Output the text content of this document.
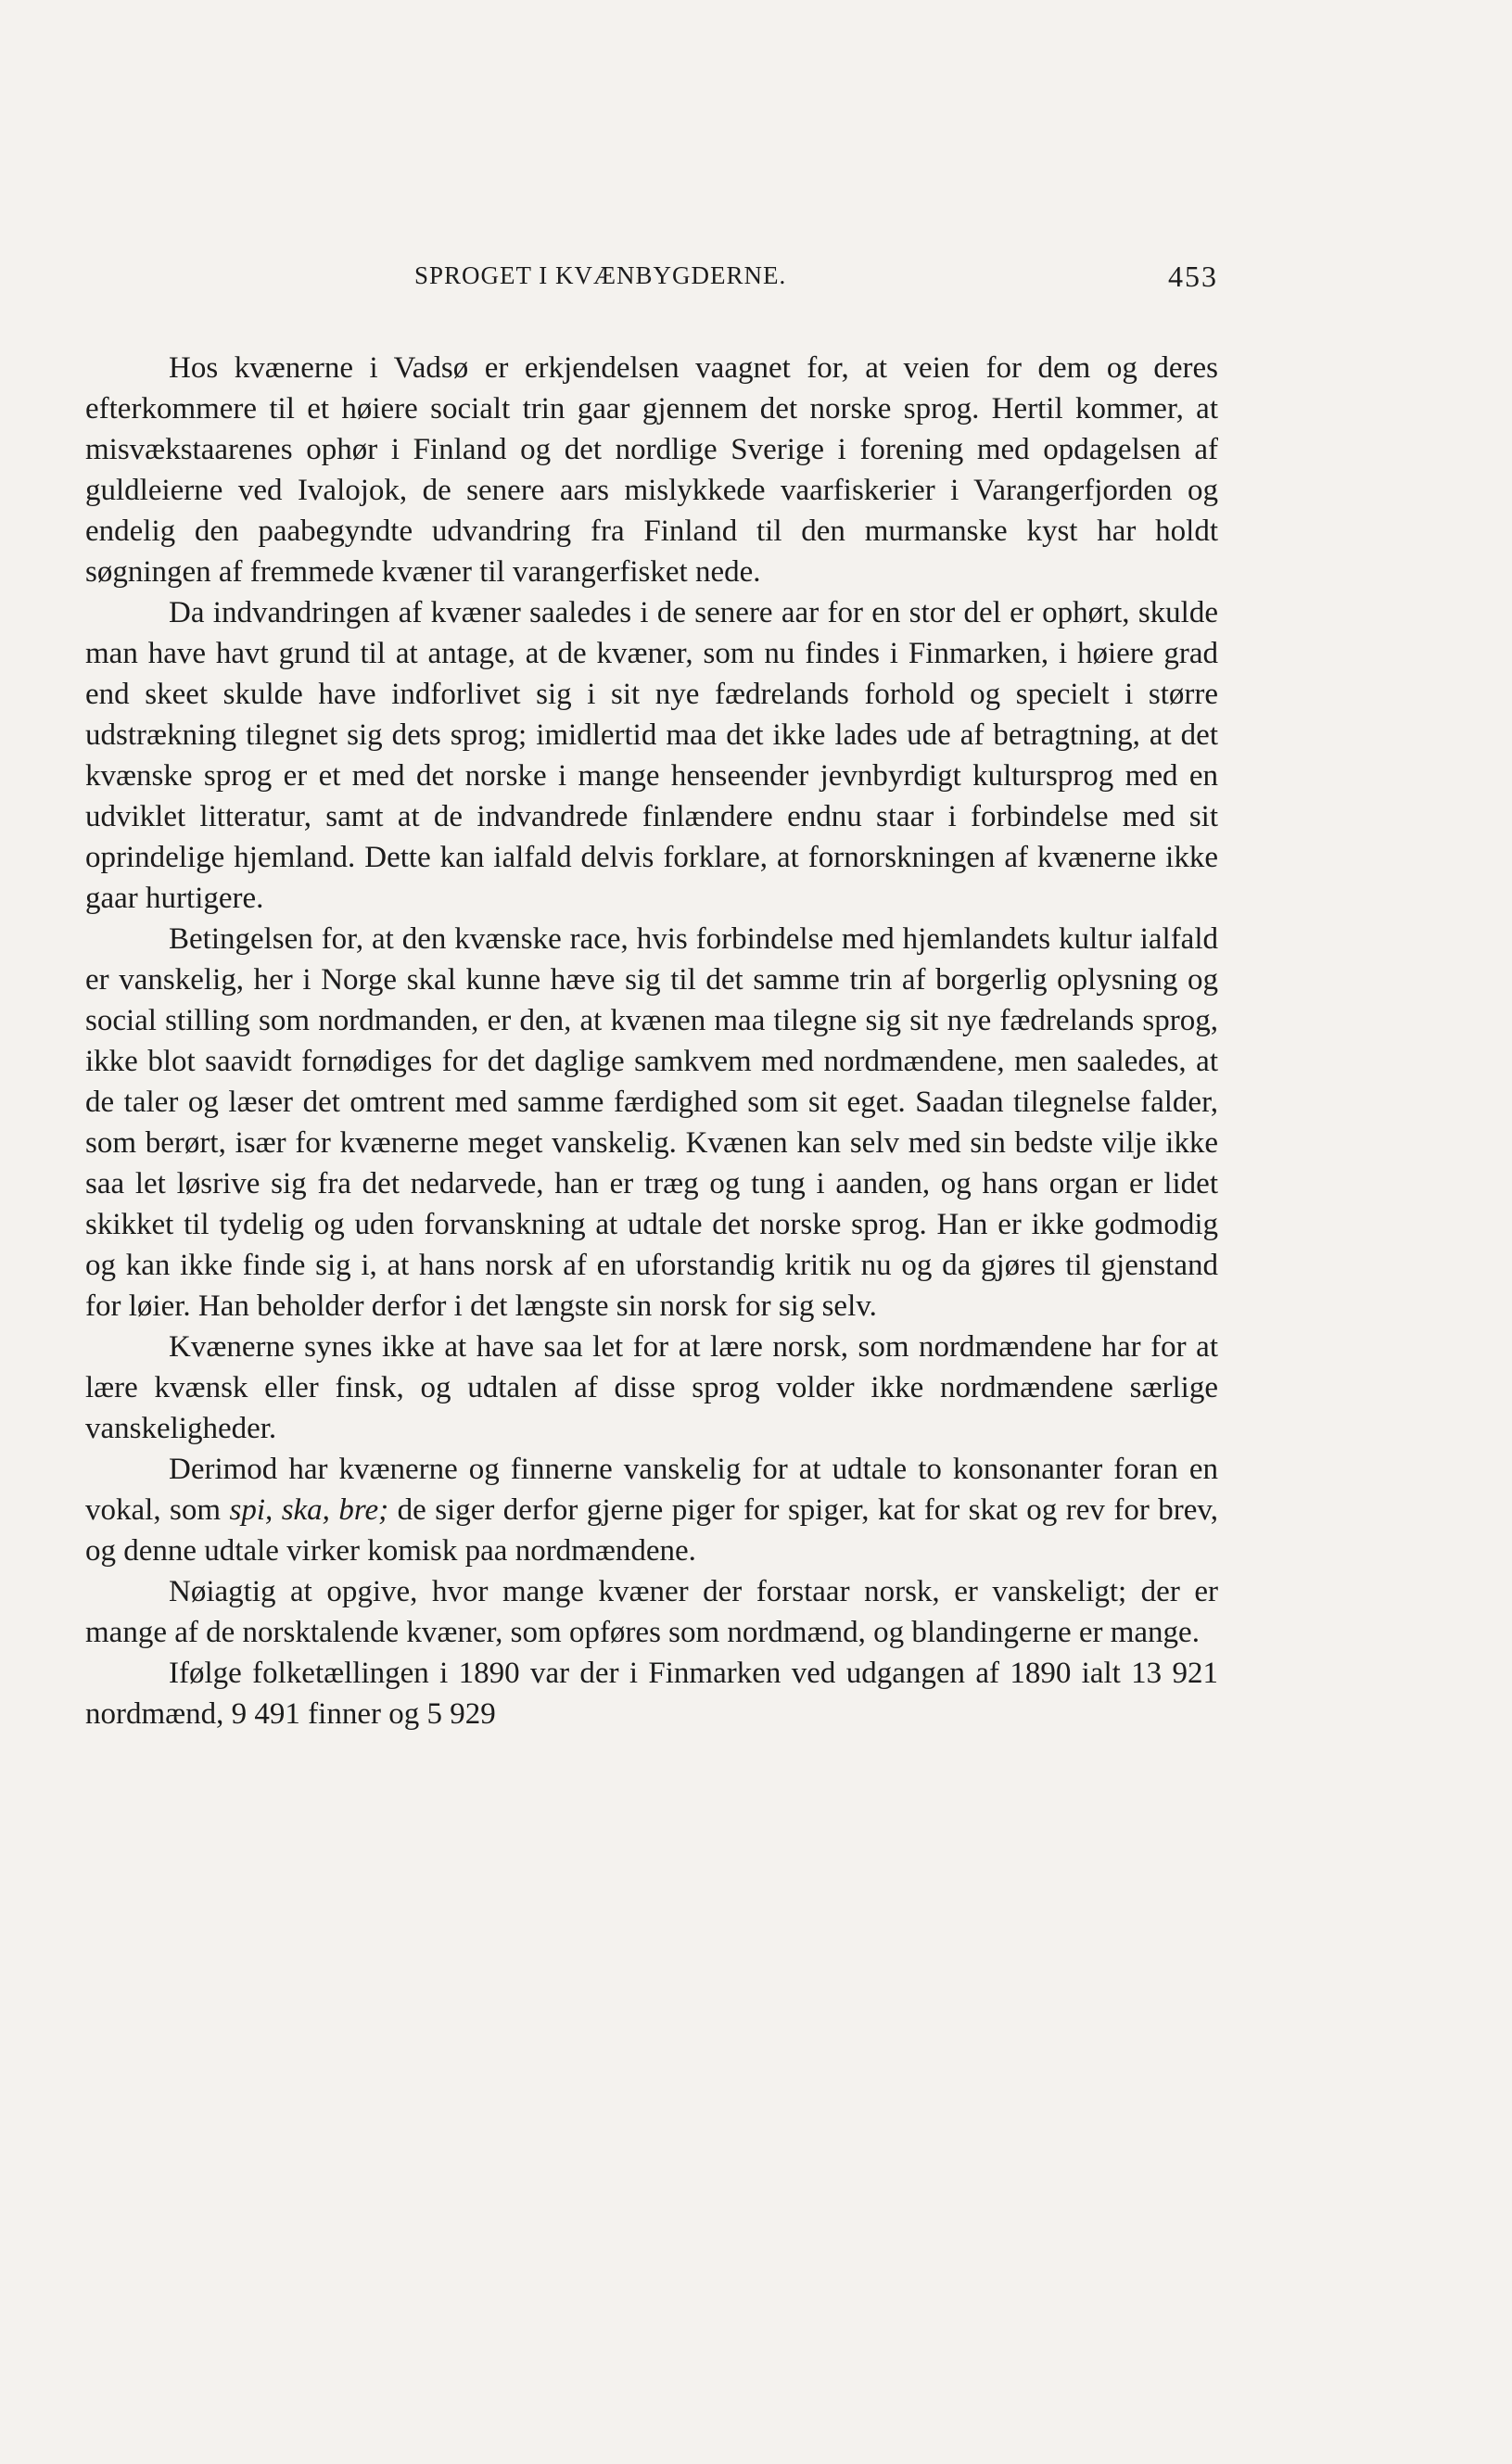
SPROGET I KVÆNBYGDERNE.	453

Hos kvænerne i Vadsø er erkjendelsen vaagnet for, at veien for dem og deres efterkommere til et høiere socialt trin gaar gjennem det norske sprog. Hertil kommer, at misvækstaarenes ophør i Finland og det nordlige Sverige i forening med opdagelsen af guldleierne ved Ivalojok, de senere aars mislykkede vaarfiskerier i Varangerfjorden og endelig den paabegyndte udvandring fra Finland til den murmanske kyst har holdt søgningen af fremmede kvæner til varangerfisket nede.

Da indvandringen af kvæner saaledes i de senere aar for en stor del er ophørt, skulde man have havt grund til at antage, at de kvæner, som nu findes i Finmarken, i høiere grad end skeet skulde have indforlivet sig i sit nye fædrelands forhold og specielt i større udstrækning tilegnet sig dets sprog; imidlertid maa det ikke lades ude af betragtning, at det kvænske sprog er et med det norske i mange henseender jevnbyrdigt kultursprog med en udviklet litteratur, samt at de indvandrede finlændere endnu staar i forbindelse med sit oprindelige hjemland. Dette kan ialfald delvis forklare, at fornorskningen af kvænerne ikke gaar hurtigere.

Betingelsen for, at den kvænske race, hvis forbindelse med hjemlandets kultur ialfald er vanskelig, her i Norge skal kunne hæve sig til det samme trin af borgerlig oplysning og social stilling som nordmanden, er den, at kvænen maa tilegne sig sit nye fædrelands sprog, ikke blot saavidt fornødiges for det daglige samkvem med nordmændene, men saaledes, at de taler og læser det omtrent med samme færdighed som sit eget. Saadan tilegnelse falder, som berørt, især for kvænerne meget vanskelig. Kvænen kan selv med sin bedste vilje ikke saa let løsrive sig fra det nedarvede, han er træg og tung i aanden, og hans organ er lidet skikket til tydelig og uden forvanskning at udtale det norske sprog. Han er ikke godmodig og kan ikke finde sig i, at hans norsk af en uforstandig kritik nu og da gjøres til gjenstand for løier. Han beholder derfor i det længste sin norsk for sig selv.

Kvænerne synes ikke at have saa let for at lære norsk, som nordmændene har for at lære kvænsk eller finsk, og udtalen af disse sprog volder ikke nordmændene særlige vanskeligheder.

Derimod har kvænerne og finnerne vanskelig for at udtale to konsonanter foran en vokal, som spi, ska, bre; de siger derfor gjerne piger for spiger, kat for skat og rev for brev, og denne udtale virker komisk paa nordmændene.

Nøiagtig at opgive, hvor mange kvæner der forstaar norsk, er vanskeligt; der er mange af de norsktalende kvæner, som opføres som nordmænd, og blandingerne er mange.

Ifølge folketællingen i 1890 var der i Finmarken ved udgangen af 1890 ialt 13 921 nordmænd, 9 491 finner og 5 929
